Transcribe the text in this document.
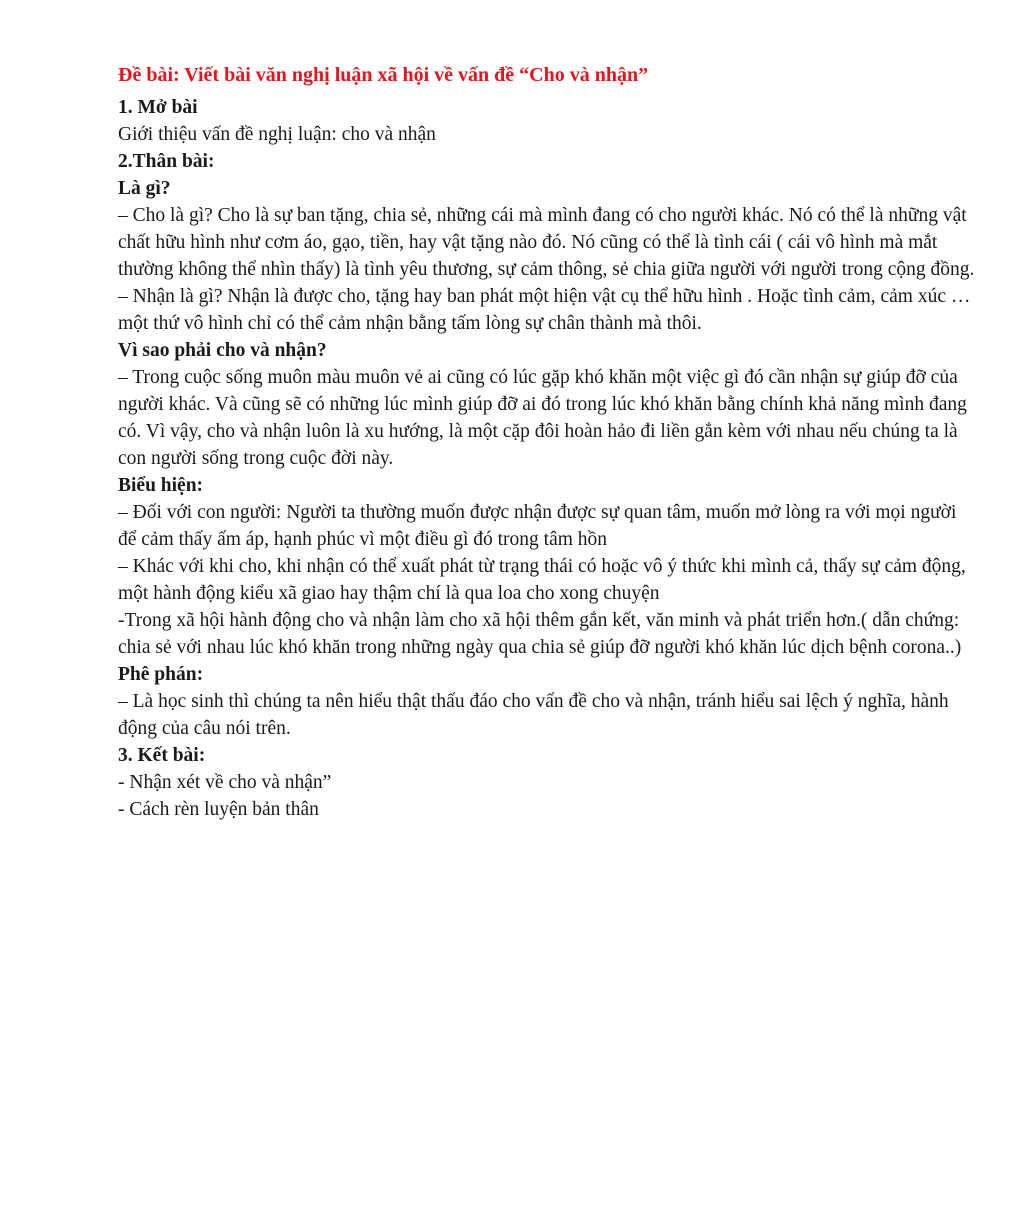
Đề bài: Viết bài văn nghị luận xã hội về vấn đề “Cho và nhận”

1. Mở bài

Giới thiệu vấn đề nghị luận: cho và nhận

2.Thân bài:

Là gì?

– Cho là gì? Cho là sự ban tặng, chia sẻ, những cái mà mình đang có cho người khác. Nó có thể là những vật chất hữu hình như cơm áo, gạo, tiền, hay vật tặng nào đó. Nó cũng có thể là tình cái ( cái vô hình mà mắt thường không thể nhìn thấy) là tình yêu thương, sự cảm thông, sẻ chia giữa người với người trong cộng đồng.

– Nhận là gì? Nhận là được cho, tặng hay ban phát một hiện vật cụ thể hữu hình . Hoặc tình cảm, cảm xúc …một thứ vô hình chỉ có thể cảm nhận bằng tấm lòng sự chân thành mà thôi.

Vì sao phải cho và nhận?

– Trong cuộc sống muôn màu muôn vẻ ai cũng có lúc gặp khó khăn một việc gì đó cần nhận sự giúp đỡ của người khác. Và cũng sẽ có những lúc mình giúp đỡ ai đó trong lúc khó khăn bằng chính khả năng mình đang có. Vì vậy, cho và nhận luôn là xu hướng, là một cặp đôi hoàn hảo đi liền gắn kèm với nhau nếu chúng ta là con người sống trong cuộc đời này.

Biểu hiện:

– Đối với con người: Người ta thường muốn được nhận được sự quan tâm, muốn mở lòng ra với mọi người để cảm thấy ấm áp, hạnh phúc vì một điều gì đó trong tâm hồn

– Khác với khi cho, khi nhận có thể xuất phát từ trạng thái có hoặc vô ý thức khi mình cả, thấy sự cảm động, một hành động kiểu xã giao hay thậm chí là qua loa cho xong chuyện

-Trong xã hội hành động cho và nhận làm cho xã hội thêm gắn kết, văn minh và phát triển hơn.( dẫn chứng: chia sẻ với nhau lúc khó khăn trong những ngày qua chia sẻ giúp đỡ người khó khăn lúc dịch bệnh corona..)

Phê phán:

– Là học sinh thì chúng ta nên hiểu thật thấu đáo cho vấn đề cho và nhận, tránh hiểu sai lệch ý nghĩa, hành động của câu nói trên.

3. Kết bài:

- Nhận xét về cho và nhận”

- Cách rèn luyện bản thân
